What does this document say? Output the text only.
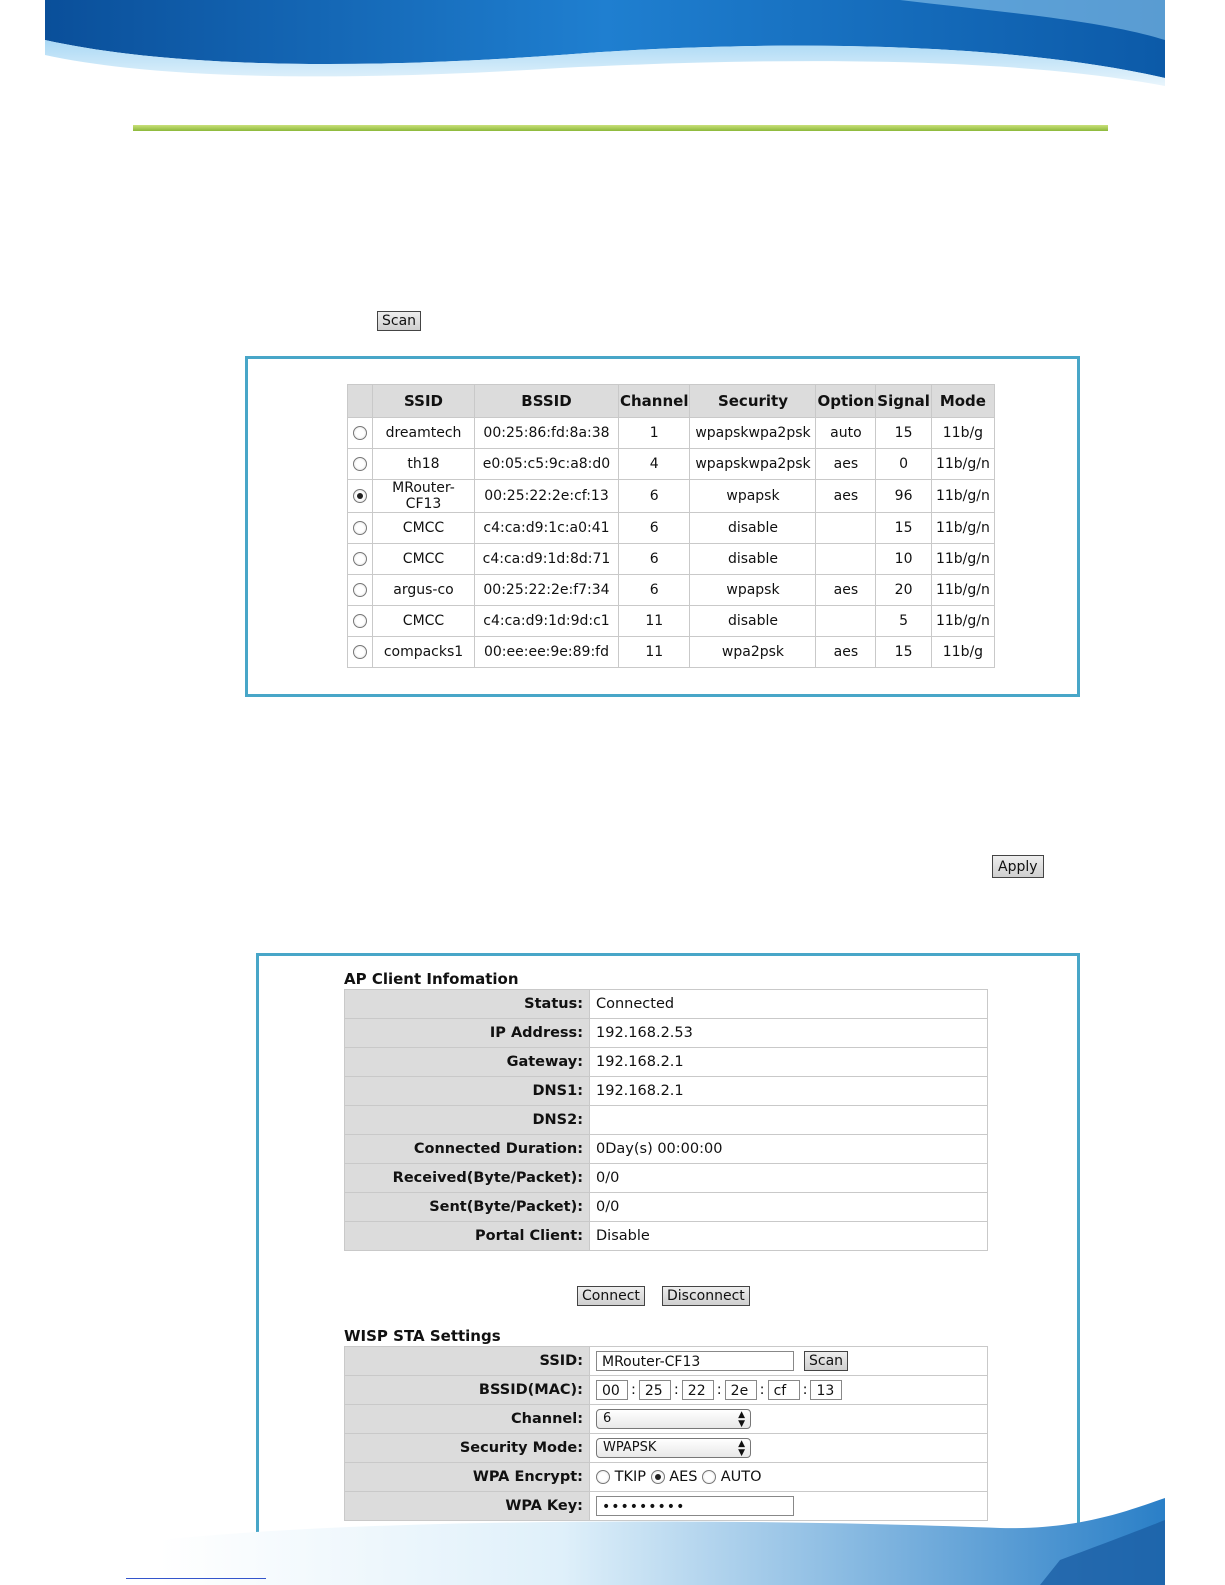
Scan
	SSID	BSSID	Channel	Security	Option	Signal	Mode
	dreamtech	00:25:86:fd:8a:38	1	wpapskwpa2psk	auto	15	11b/g
	th18	e0:05:c5:9c:a8:d0	4	wpapskwpa2psk	aes	0	11b/g/n
	MRouter-
CF13	00:25:22:2e:cf:13	6	wpapsk	aes	96	11b/g/n
	CMCC	c4:ca:d9:1c:a0:41	6	disable		15	11b/g/n
	CMCC	c4:ca:d9:1d:8d:71	6	disable		10	11b/g/n
	argus-co	00:25:22:2e:f7:34	6	wpapsk	aes	20	11b/g/n
	CMCC	c4:ca:d9:1d:9d:c1	11	disable		5	11b/g/n
	compacks1	00:ee:ee:9e:89:fd	11	wpa2psk	aes	15	11b/g
Apply
AP Client Infomation
Status:	Connected
IP Address:	192.168.2.53
Gateway:	192.168.2.1
DNS1:	192.168.2.1
DNS2:	
Connected Duration:	0Day(s) 00:00:00
Received(Byte/Packet):	0/0
Sent(Byte/Packet):	0/0
Portal Client:	Disable
Connect	Disconnect
WISP STA Settings
SSID:	MRouter-CF13 Scan
BSSID(MAC):	00 : 25 : 22 : 2e : cf : 13
Channel:	6 ▲
▼

Security Mode:	WPAPSK ▲
▼

WPA Encrypt:	TKIP AES AUTO
WPA Key:	•••••••••
